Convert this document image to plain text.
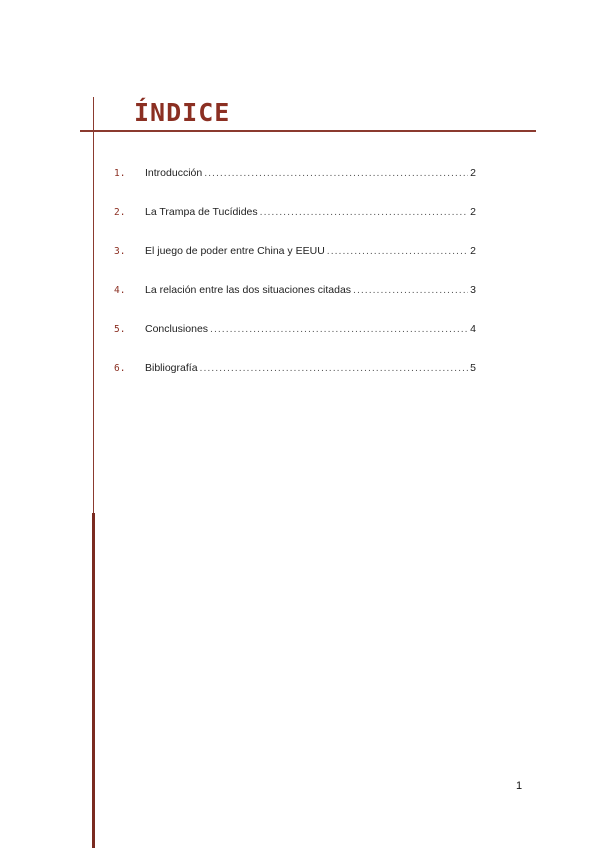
ÍNDICE
1.	Introducción .....	2
2.	La Trampa de Tucídides .....	2
3.	El juego de poder entre China y EEUU .....	2
4.	La relación entre las dos situaciones citadas .....	3
5.	Conclusiones .....	4
6.	Bibliografía .....	5
1
